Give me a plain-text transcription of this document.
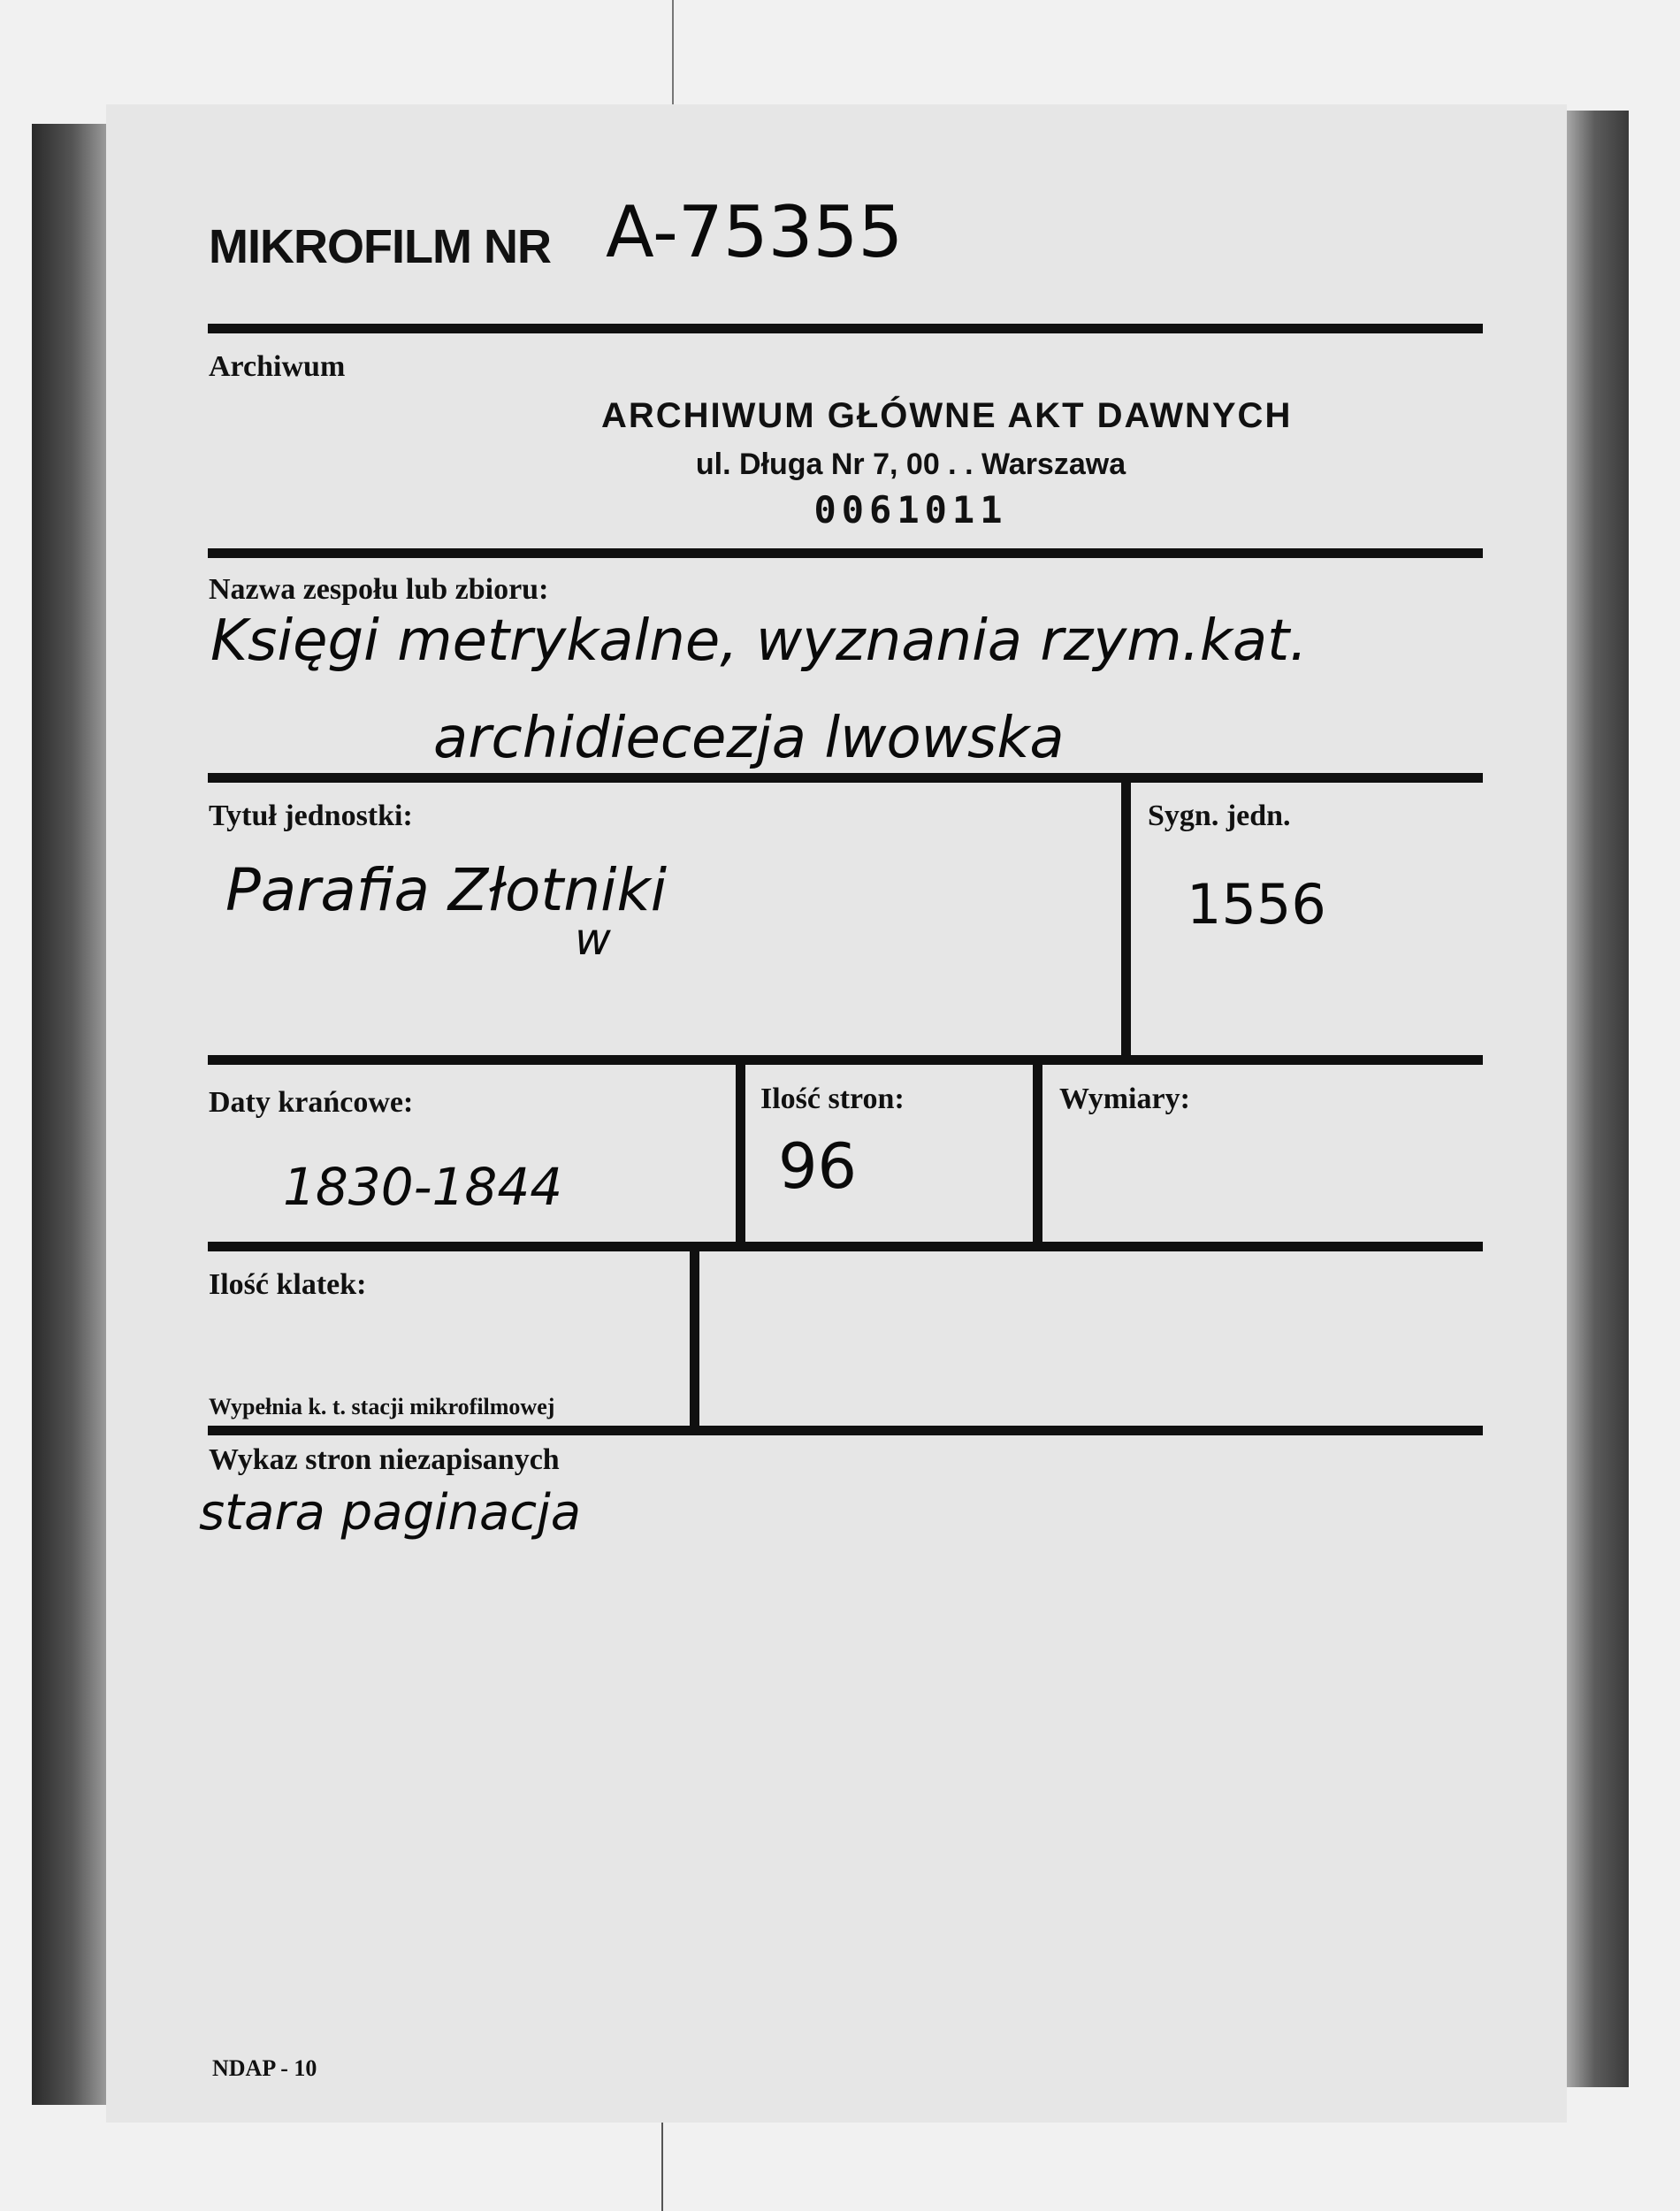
MIKROFILM NR A-75355
Archiwum
ARCHIWUM GŁÓWNE AKT DAWNYCH
ul. Długa Nr 7, 00 . . Warszawa
0061011
Nazwa zespołu lub zbioru:
Księgi metrykalne, wyznania rzym.kat.
archidiecezja lwowska
Tytuł jednostki:
Parafia Złotniki
w
Sygn. jedn.
1556
Daty krańcowe:
1830-1844
Ilość stron:
96
Wymiary:
Ilość klatek:
Wypełnia k. t. stacji mikrofilmowej
Wykaz stron niezapisanych
stara paginacja
NDAP - 10
